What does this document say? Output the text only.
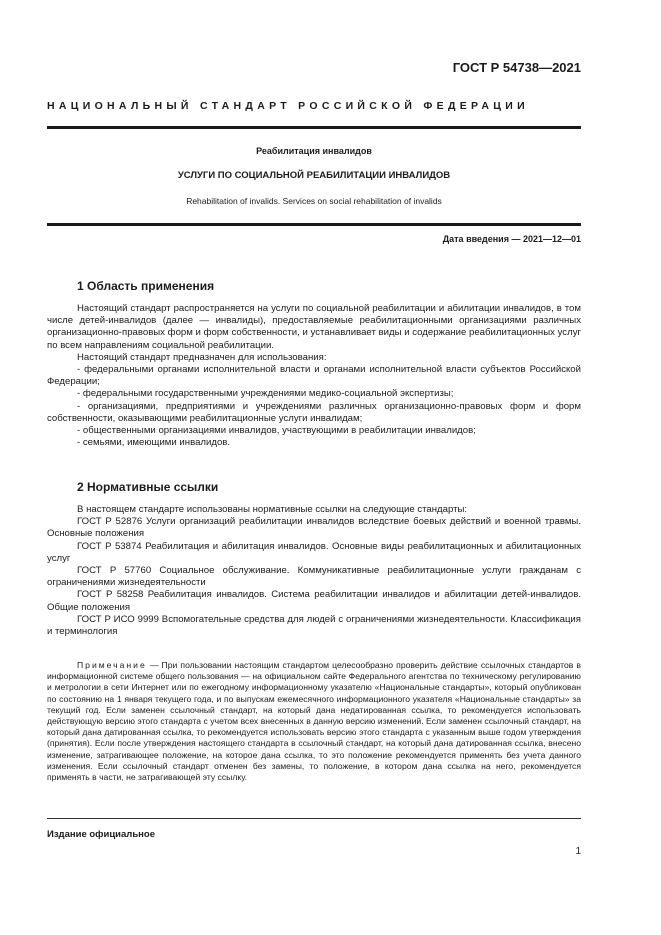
ГОСТ Р 54738—2021
НАЦИОНАЛЬНЫЙ СТАНДАРТ РОССИЙСКОЙ ФЕДЕРАЦИИ
Реабилитация инвалидов
УСЛУГИ ПО СОЦИАЛЬНОЙ РЕАБИЛИТАЦИИ ИНВАЛИДОВ
Rehabilitation of invalids. Services on social rehabilitation of invalids
Дата введения — 2021—12—01
1 Область применения

Настоящий стандарт распространяется на услуги по социальной реабилитации и абилитации инвалидов, в том числе детей-инвалидов (далее — инвалиды), предоставляемые реабилитационными организациями различных организационно-правовых форм и форм собственности, и устанавливает виды и содержание реабилитационных услуг по всем направлениям социальной реабилитации.

Настоящий стандарт предназначен для использования:

- федеральными органами исполнительной власти и органами исполнительной власти субъектов Российской Федерации;

- федеральными государственными учреждениями медико-социальной экспертизы;

- организациями, предприятиями и учреждениями различных организационно-правовых форм и форм собственности, оказывающими реабилитационные услуги инвалидам;

- общественными организациями инвалидов, участвующими в реабилитации инвалидов;

- семьями, имеющими инвалидов.

2 Нормативные ссылки

В настоящем стандарте использованы нормативные ссылки на следующие стандарты:

ГОСТ Р 52876 Услуги организаций реабилитации инвалидов вследствие боевых действий и военной травмы. Основные положения

ГОСТ Р 53874 Реабилитация и абилитация инвалидов. Основные виды реабилитационных и абилитационных услуг

ГОСТ Р 57760 Социальное обслуживание. Коммуникативные реабилитационные услуги гражданам с ограничениями жизнедеятельности

ГОСТ Р 58258 Реабилитация инвалидов. Система реабилитации инвалидов и абилитации детей-инвалидов. Общие положения

ГОСТ Р ИСО 9999 Вспомогательные средства для людей с ограничениями жизнедеятельности. Классификация и терминология

Примечание — При пользовании настоящим стандартом целесообразно проверить действие ссылочных стандартов в информационной системе общего пользования — на официальном сайте Федерального агентства по техническому регулированию и метрологии в сети Интернет или по ежегодному информационному указателю «Национальные стандарты», который опубликован по состоянию на 1 января текущего года, и по выпускам ежемесячного информационного указателя «Национальные стандарты» за текущий год. Если заменен ссылочный стандарт, на который дана недатированная ссылка, то рекомендуется использовать действующую версию этого стандарта с учетом всех внесенных в данную версию изменений. Если заменен ссылочный стандарт, на который дана датированная ссылка, то рекомендуется использовать версию этого стандарта с указанным выше годом утверждения (принятия). Если после утверждения настоящего стандарта в ссылочный стандарт, на который дана датированная ссылка, внесено изменение, затрагивающее положение, на которое дана ссылка, то это положение рекомендуется применять без учета данного изменения. Если ссылочный стандарт отменен без замены, то положение, в котором дана ссылка на него, рекомендуется применять в части, не затрагивающей эту ссылку.

Издание официальное
1
